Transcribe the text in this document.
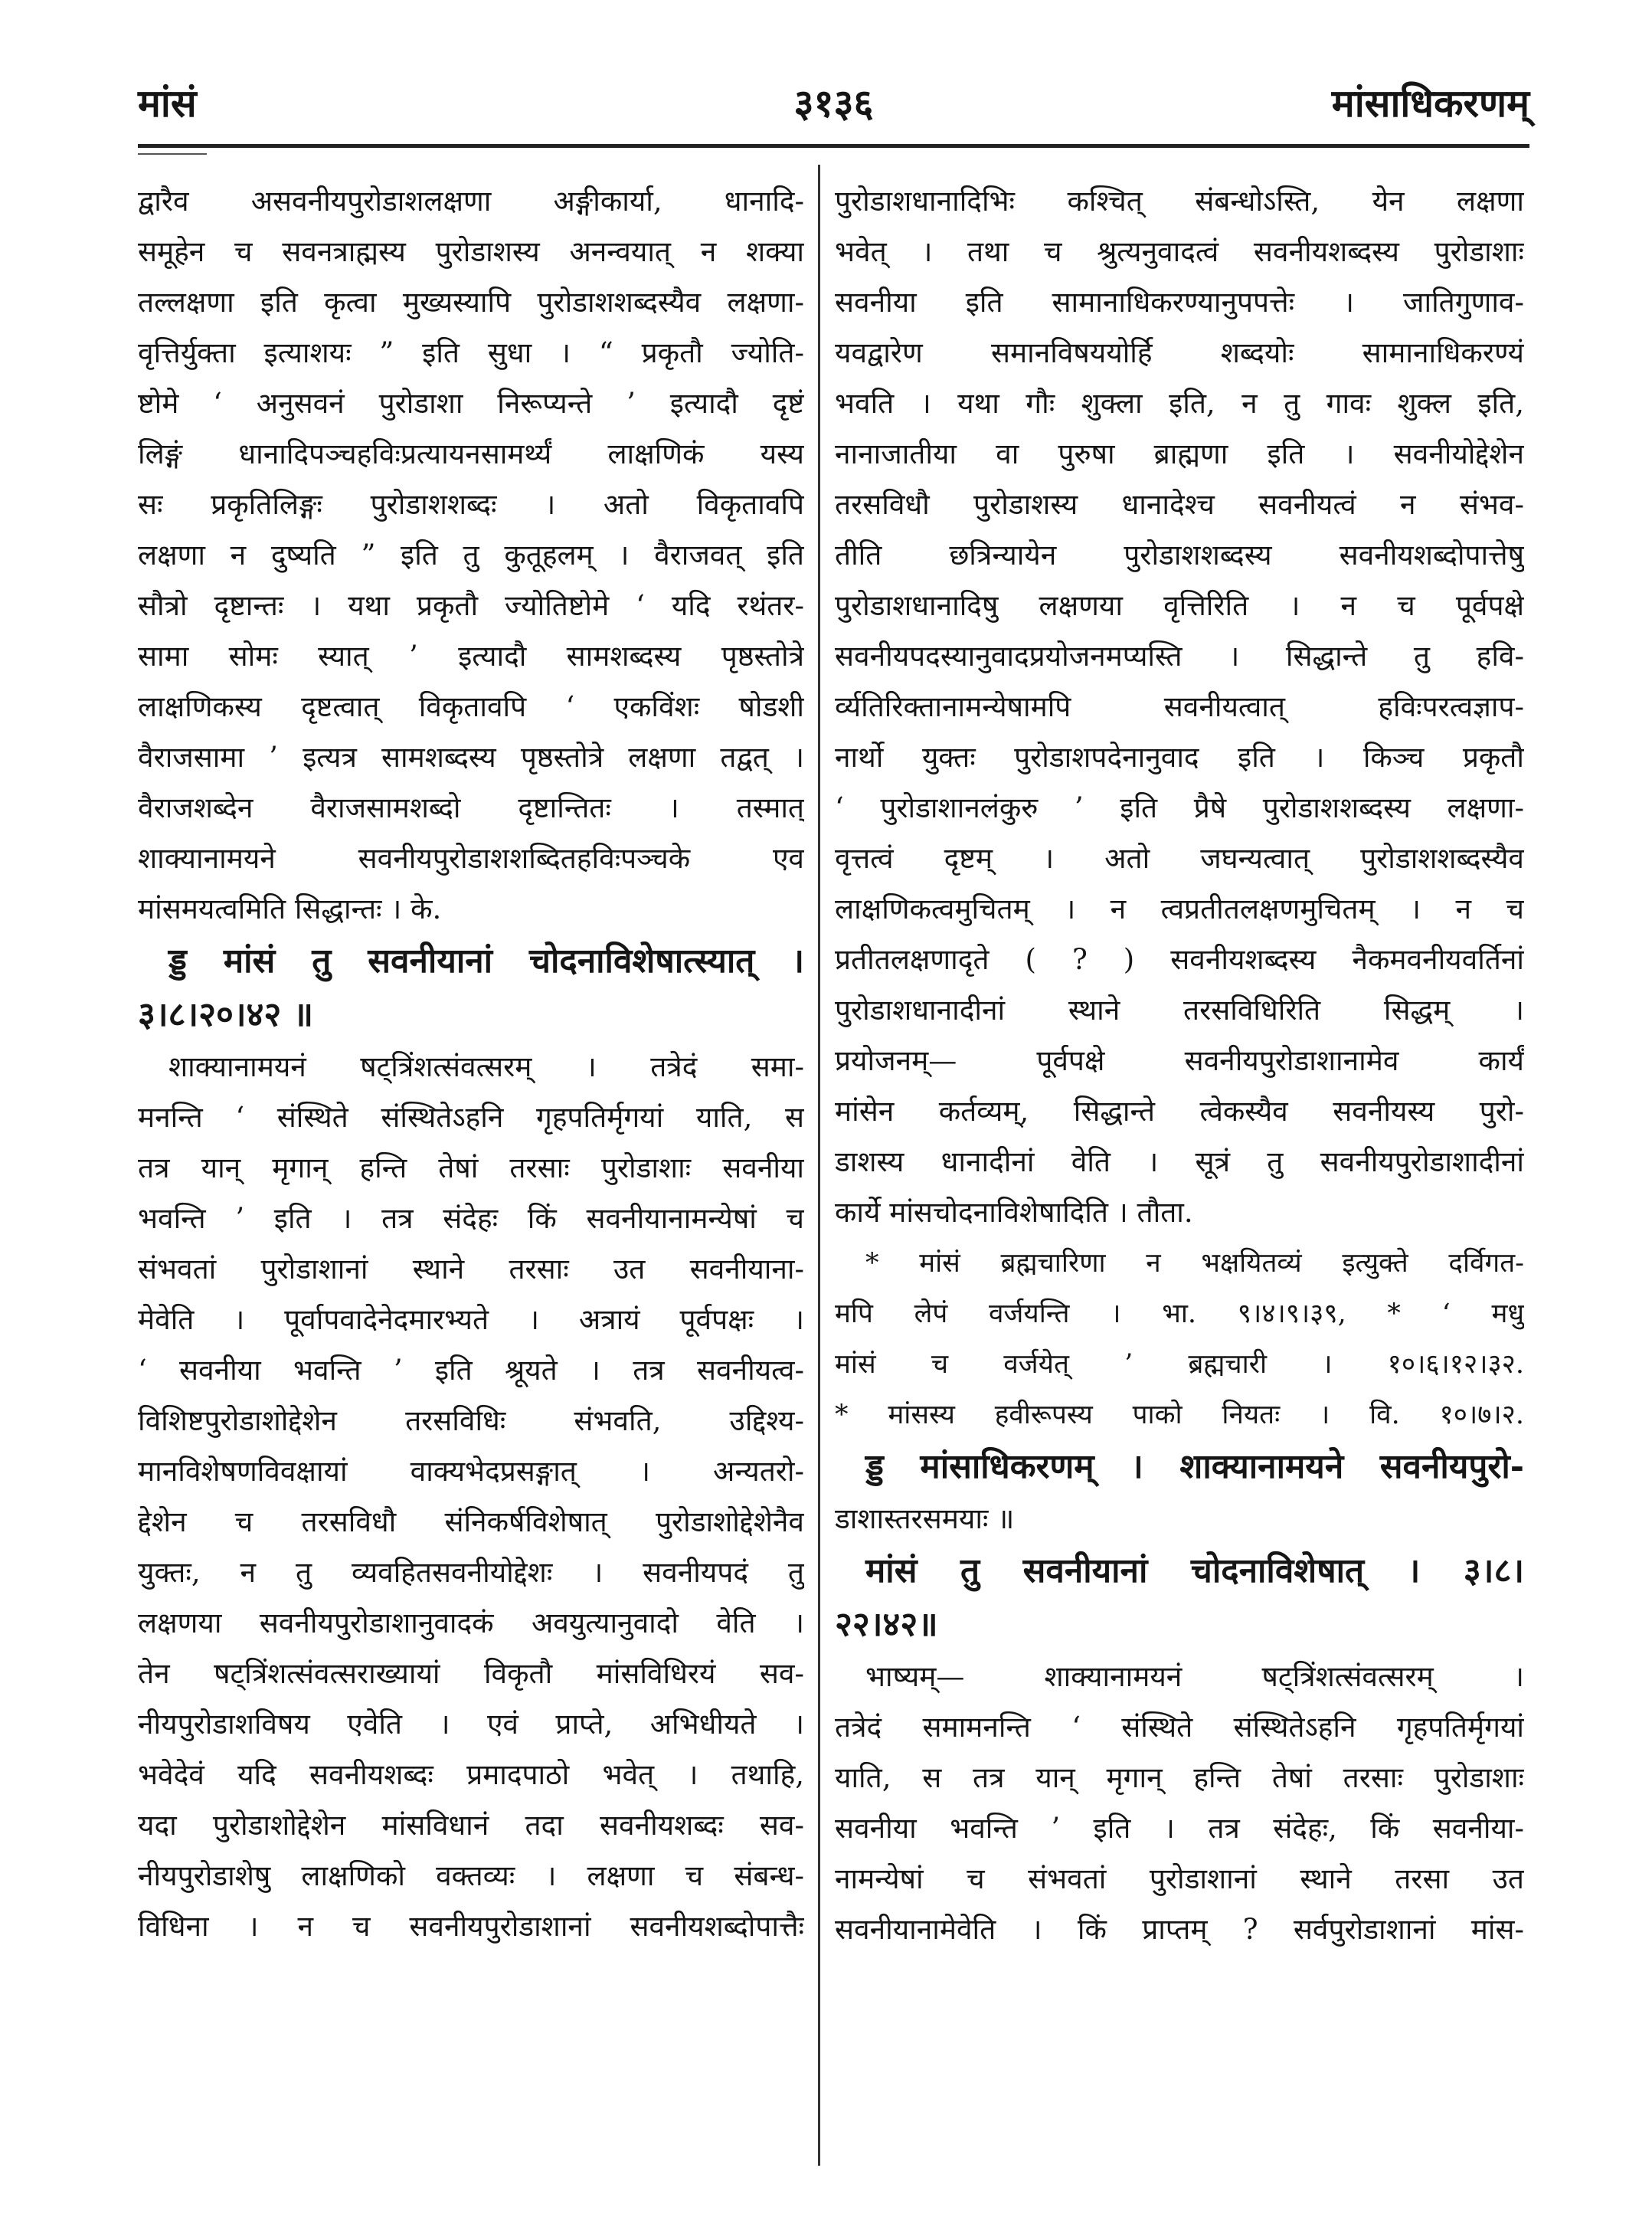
मांसं	३१३६	मांसाधिकरणम्
द्वारैव असवनीयपुरोडाशलक्षणा अङ्गीकार्या, धानादि-
समूहेन च सवनत्राह्मस्य पुरोडाशस्य अनन्वयात् न शक्या
तल्लक्षणा इति कृत्वा मुख्यस्यापि पुरोडाशशब्दस्यैव लक्षणा-
वृत्तिर्युक्ता इत्याशयः ” इति सुधा । “ प्रकृतौ ज्योति-
ष्टोमे ‘ अनुसवनं पुरोडाशा निरूप्यन्ते ’ इत्यादौ दृष्टं
लिङ्गं धानादिपञ्चहविःप्रत्यायनसामर्थ्यं लाक्षणिकं यस्य
सः प्रकृतिलिङ्गः पुरोडाशशब्दः । अतो विकृतावपि
लक्षणा न दुष्यति ” इति तु कुतूहलम् । वैराजवत् इति
सौत्रो दृष्टान्तः । यथा प्रकृतौ ज्योतिष्टोमे ‘ यदि रथंतर-
सामा सोमः स्यात् ’ इत्यादौ सामशब्दस्य पृष्ठस्तोत्रे
लाक्षणिकस्य दृष्टत्वात् विकृतावपि ‘ एकविंशः षोडशी
वैराजसामा ’ इत्यत्र सामशब्दस्य पृष्ठस्तोत्रे लक्षणा तद्वत् ।
वैराजशब्देन वैराजसामशब्दो दृष्टान्तितः । तस्मात्
शाक्यानामयने सवनीयपुरोडाशशब्दितहविःपञ्चके एव
मांसमयत्वमिति सिद्धान्तः । के.
ड्ड मांसं तु सवनीयानां चोदनाविशेषात्स्यात् ।
३।८।२०।४२ ॥
शाक्यानामयनं षट्त्रिंशत्संवत्सरम् । तत्रेदं समा-
मनन्ति ‘ संस्थिते संस्थितेऽहनि गृहपतिर्मृगयां याति, स
तत्र यान् मृगान् हन्ति तेषां तरसाः पुरोडाशाः सवनीया
भवन्ति ’ इति । तत्र संदेहः किं सवनीयानामन्येषां च
संभवतां पुरोडाशानां स्थाने तरसाः उत सवनीयाना-
मेवेति । पूर्वापवादेनेदमारभ्यते । अत्रायं पूर्वपक्षः ।
‘ सवनीया भवन्ति ’ इति श्रूयते । तत्र सवनीयत्व-
विशिष्टपुरोडाशोद्देशेन तरसविधिः संभवति, उद्दिश्य-
मानविशेषणविवक्षायां वाक्यभेदप्रसङ्गात् । अन्यतरो-
द्देशेन च तरसविधौ संनिकर्षविशेषात् पुरोडाशोद्देशेनैव
युक्तः, न तु व्यवहितसवनीयोद्देशः । सवनीयपदं तु
लक्षणया सवनीयपुरोडाशानुवादकं अवयुत्यानुवादो वेति ।
तेन षट्त्रिंशत्संवत्सराख्यायां विकृतौ मांसविधिरयं सव-
नीयपुरोडाशविषय एवेति । एवं प्राप्ते, अभिधीयते ।
भवेदेवं यदि सवनीयशब्दः प्रमादपाठो भवेत् । तथाहि,
यदा पुरोडाशोद्देशेन मांसविधानं तदा सवनीयशब्दः सव-
नीयपुरोडाशेषु लाक्षणिको वक्तव्यः । लक्षणा च संबन्ध-
विधिना । न च सवनीयपुरोडाशानां सवनीयशब्दोपात्तैः
पुरोडाशधानादिभिः कश्चित् संबन्धोऽस्ति, येन लक्षणा
भवेत् । तथा च श्रुत्यनुवादत्वं सवनीयशब्दस्य पुरोडाशाः
सवनीया इति सामानाधिकरण्यानुपपत्तेः । जातिगुणाव-
यवद्वारेण समानविषययोर्हि शब्दयोः सामानाधिकरण्यं
भवति । यथा गौः शुक्ला इति, न तु गावः शुक्ल इति,
नानाजातीया वा पुरुषा ब्राह्मणा इति । सवनीयोद्देशेन
तरसविधौ पुरोडाशस्य धानादेश्च सवनीयत्वं न संभव-
तीति छत्रिन्यायेन पुरोडाशशब्दस्य सवनीयशब्दोपात्तेषु
पुरोडाशधानादिषु लक्षणया वृत्तिरिति । न च पूर्वपक्षे
सवनीयपदस्यानुवादप्रयोजनमप्यस्ति । सिद्धान्ते तु हवि-
र्व्यतिरिक्तानामन्येषामपि सवनीयत्वात् हविःपरत्वज्ञाप-
नार्थो युक्तः पुरोडाशपदेनानुवाद इति । किञ्च प्रकृतौ
‘ पुरोडाशानलंकुरु ’ इति प्रैषे पुरोडाशशब्दस्य लक्षणा-
वृत्तत्वं दृष्टम् । अतो जघन्यत्वात् पुरोडाशशब्दस्यैव
लाक्षणिकत्वमुचितम् । न त्वप्रतीतलक्षणमुचितम् । न च
प्रतीतलक्षणादृते ( ? ) सवनीयशब्दस्य नैकमवनीयवर्तिनां
पुरोडाशधानादीनां स्थाने तरसविधिरिति सिद्धम् ।
प्रयोजनम्— पूर्वपक्षे सवनीयपुरोडाशानामेव कार्यं
मांसेन कर्तव्यम्, सिद्धान्ते त्वेकस्यैव सवनीयस्य पुरो-
डाशस्य धानादीनां वेति । सूत्रं तु सवनीयपुरोडाशादीनां
कार्ये मांसचोदनाविशेषादिति । तौता.
* मांसं ब्रह्मचारिणा न भक्षयितव्यं इत्युक्ते दर्विगत-
मपि लेपं वर्जयन्ति । भा. ९।४।९।३९, * ‘ मधु
मांसं च वर्जयेत् ’ ब्रह्मचारी । १०।६।१२।३२.
* मांसस्य हवीरूपस्य पाको नियतः । वि. १०।७।२.
ड्ड मांसाधिकरणम् । शाक्यानामयने सवनीयपुरो-
डाशास्तरसमयाः ॥
मांसं तु सवनीयानां चोदनाविशेषात् । ३।८।
२२।४२॥
भाष्यम्— शाक्यानामयनं षट्त्रिंशत्संवत्सरम् ।
तत्रेदं समामनन्ति ‘ संस्थिते संस्थितेऽहनि गृहपतिर्मृगयां
याति, स तत्र यान् मृगान् हन्ति तेषां तरसाः पुरोडाशाः
सवनीया भवन्ति ’ इति । तत्र संदेहः, किं सवनीया-
नामन्येषां च संभवतां पुरोडाशानां स्थाने तरसा उत
सवनीयानामेवेति । किं प्राप्तम् ? सर्वपुरोडाशानां मांस-
